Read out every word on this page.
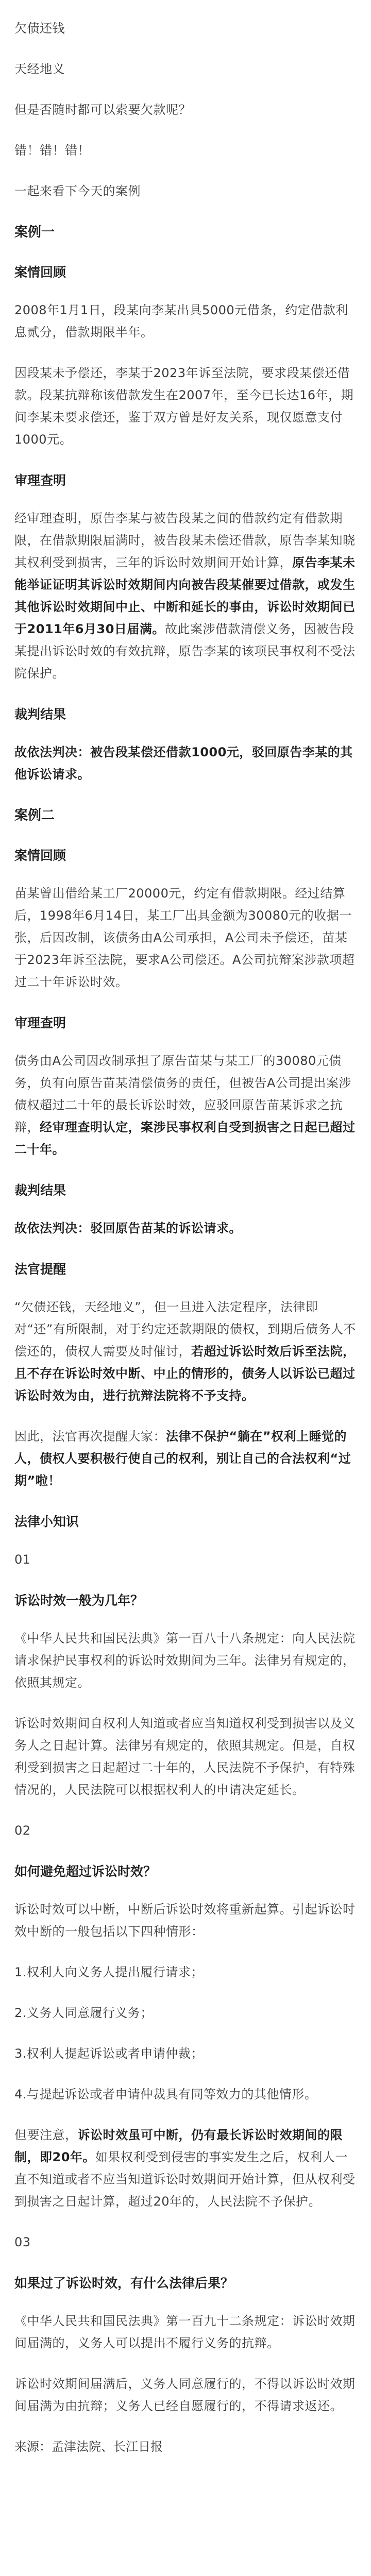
欠债还钱
天经地义
但是否随时都可以索要欠款呢？
错！错！错！
一起来看下今天的案例
案例一
案情回顾
2008年1月1日，段某向李某出具5000元借条，约定借款利息贰分，借款期限半年。
因段某未予偿还，李某于2023年诉至法院，要求段某偿还借款。段某抗辩称该借款发生在2007年，至今已长达16年，期间李某未要求偿还，鉴于双方曾是好友关系，现仅愿意支付1000元。
审理查明
经审理查明，原告李某与被告段某之间的借款约定有借款期限，在借款期限届满时，被告段某未偿还借款，原告李某知晓其权利受到损害，三年的诉讼时效期间开始计算，原告李某未能举证证明其诉讼时效期间内向被告段某催要过借款，或发生其他诉讼时效期间中止、中断和延长的事由，诉讼时效期间已于2011年6月30日届满。故此案涉借款清偿义务，因被告段某提出诉讼时效的有效抗辩，原告李某的该项民事权利不受法院保护。
裁判结果
故依法判决：被告段某偿还借款1000元，驳回原告李某的其他诉讼请求。
案例二
案情回顾
苗某曾出借给某工厂20000元，约定有借款期限。经过结算后，1998年6月14日，某工厂出具金额为30080元的收据一张，后因改制，该债务由A公司承担，A公司未予偿还，苗某于2023年诉至法院，要求A公司偿还。A公司抗辩案涉款项超过二十年诉讼时效。
审理查明
债务由A公司因改制承担了原告苗某与某工厂的30080元债务，负有向原告苗某清偿债务的责任，但被告A公司提出案涉债权超过二十年的最长诉讼时效，应驳回原告苗某诉求之抗辩，经审理查明认定，案涉民事权利自受到损害之日起已超过二十年。
裁判结果
故依法判决：驳回原告苗某的诉讼请求。
法官提醒
“欠债还钱，天经地义”，但一旦进入法定程序，法律即对“还”有所限制，对于约定还款期限的债权，到期后债务人不偿还的，债权人需要及时催讨，若超过诉讼时效后诉至法院，且不存在诉讼时效中断、中止的情形的，债务人以诉讼已超过诉讼时效为由，进行抗辩法院将不予支持。
因此，法官再次提醒大家：法律不保护“躺在”权利上睡觉的人，债权人要积极行使自己的权利，别让自己的合法权利“过期”啦！
法律小知识
01
诉讼时效一般为几年？
《中华人民共和国民法典》第一百八十八条规定：向人民法院请求保护民事权利的诉讼时效期间为三年。法律另有规定的，依照其规定。
诉讼时效期间自权利人知道或者应当知道权利受到损害以及义务人之日起计算。法律另有规定的，依照其规定。但是，自权利受到损害之日起超过二十年的，人民法院不予保护，有特殊情况的，人民法院可以根据权利人的申请决定延长。
02
如何避免超过诉讼时效？
诉讼时效可以中断，中断后诉讼时效将重新起算。引起诉讼时效中断的一般包括以下四种情形：
1.权利人向义务人提出履行请求；
2.义务人同意履行义务；
3.权利人提起诉讼或者申请仲裁；
4.与提起诉讼或者申请仲裁具有同等效力的其他情形。
但要注意，诉讼时效虽可中断，仍有最长诉讼时效期间的限制，即20年。如果权利受到侵害的事实发生之后，权利人一直不知道或者不应当知道诉讼时效期间开始计算，但从权利受到损害之日起计算，超过20年的，人民法院不予保护。
03
如果过了诉讼时效，有什么法律后果？
《中华人民共和国民法典》第一百九十二条规定：诉讼时效期间届满的，义务人可以提出不履行义务的抗辩。
诉讼时效期间届满后，义务人同意履行的，不得以诉讼时效期间届满为由抗辩；义务人已经自愿履行的，不得请求返还。
来源：孟津法院、长江日报
